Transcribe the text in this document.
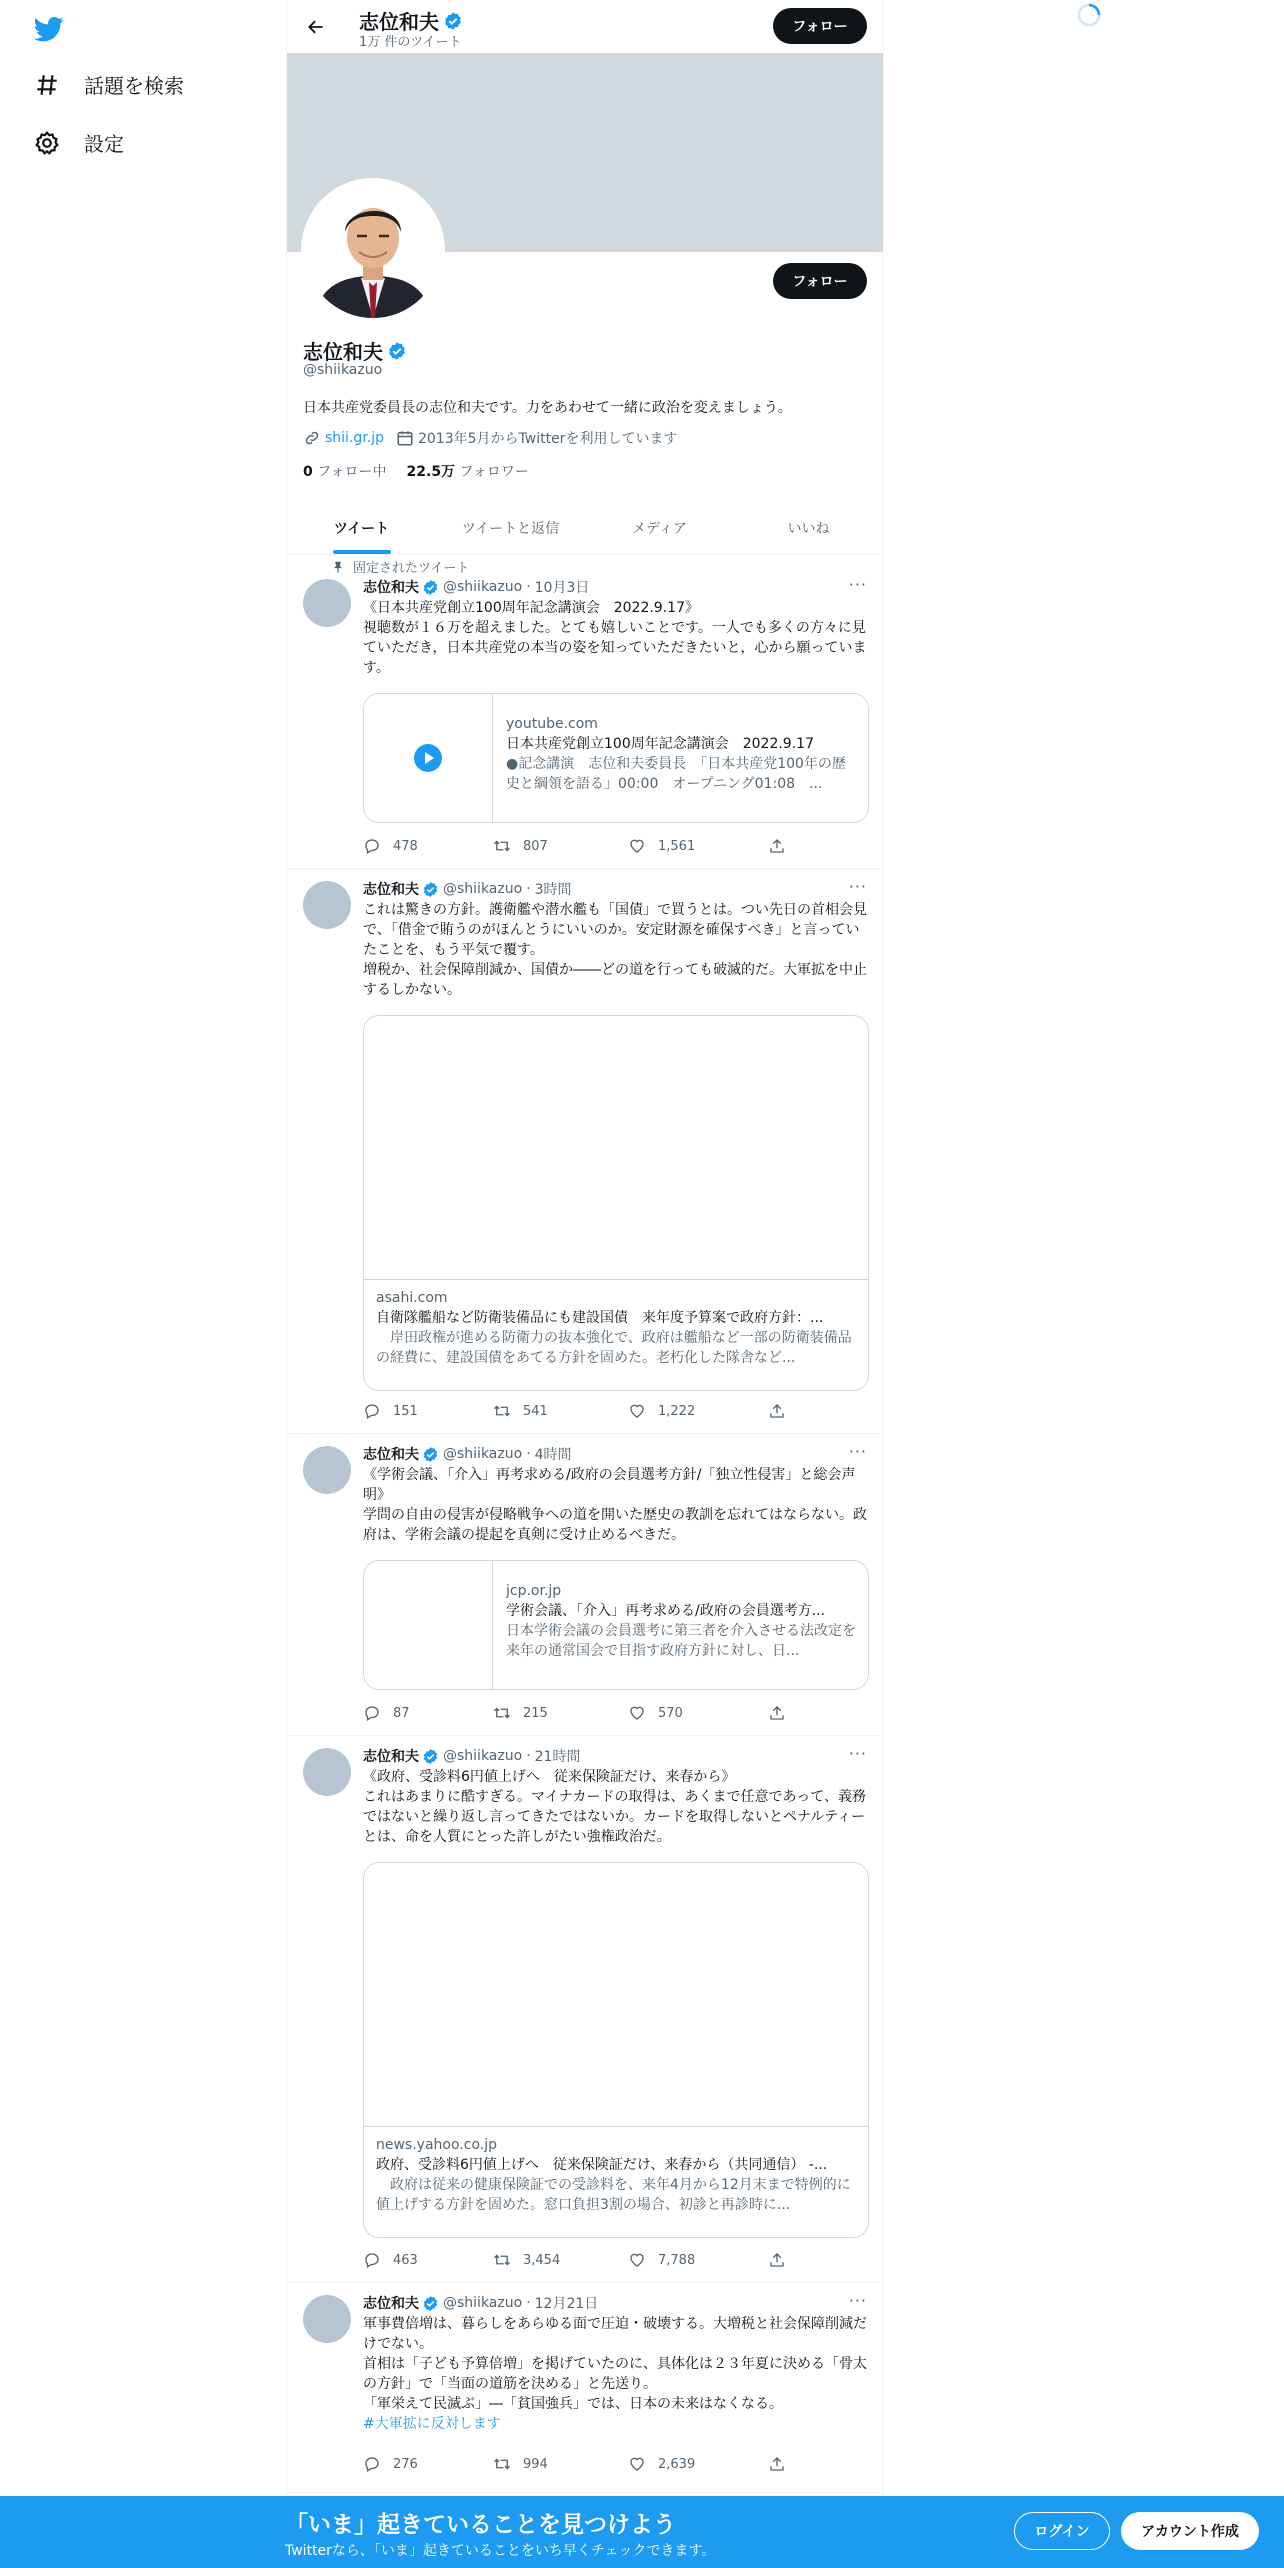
話題を検索
設定
志位和夫
1万 件のツイート
フォロー
フォロー
志位和夫
@shiikazuo
日本共産党委員長の志位和夫です。力をあわせて一緒に政治を変えましょう。
shii.gr.jp 2013年5月からTwitterを利用しています
0 フォロー中 22.5万 フォロワー
ツイート	ツイートと返信	メディア	いいね
固定されたツイート
志位和夫 @shiikazuo · 10月3日	···

《日本共産党創立100周年記念講演会　2022.9.17》

視聴数が１６万を超えました。とても嬉しいことです。一人でも多くの方々に見ていただき，日本共産党の本当の姿を知っていただきたいと，心から願っています。

youtube.com
日本共産党創立100周年記念講演会　2022.9.17
●記念講演　志位和夫委員長　「日本共産党100年の歴史と綱領を語る」00:00　オープニング01:08　...
478	807	1,561
志位和夫 @shiikazuo · 3時間	···

これは驚きの方針。護衛艦や潜水艦も「国債」で買うとは。つい先日の首相会見で、「借金で賄うのがほんとうにいいのか。安定財源を確保すべき」と言っていたことを、もう平気で覆す。

増税か、社会保障削減か、国債か――どの道を行っても破滅的だ。大軍拡を中止するしかない。

asahi.com
自衛隊艦船など防衛装備品にも建設国債　来年度予算案で政府方針：...
　岸田政権が進める防衛力の抜本強化で、政府は艦船など一部の防衛装備品の経費に、建設国債をあてる方針を固めた。老朽化した隊舎など...
151	541	1,222
志位和夫 @shiikazuo · 4時間	···

《学術会議、「介入」再考求める/政府の会員選考方針/「独立性侵害」と総会声明》

学問の自由の侵害が侵略戦争への道を開いた歴史の教訓を忘れてはならない。政府は、学術会議の提起を真剣に受け止めるべきだ。

jcp.or.jp
学術会議、「介入」再考求める/政府の会員選考方...
日本学術会議の会員選考に第三者を介入させる法改定を来年の通常国会で目指す政府方針に対し、日...
87	215	570
志位和夫 @shiikazuo · 21時間	···

《政府、受診料6円値上げへ　従来保険証だけ、来春から》

これはあまりに酷すぎる。マイナカードの取得は、あくまで任意であって、義務ではないと繰り返し言ってきたではないか。カードを取得しないとペナルティーとは、命を人質にとった許しがたい強権政治だ。

news.yahoo.co.jp
政府、受診料6円値上げへ　従来保険証だけ、来春から（共同通信） -...
　政府は従来の健康保険証での受診料を、来年4月から12月末まで特例的に値上げする方針を固めた。窓口負担3割の場合、初診と再診時に...
463	3,454	7,788
志位和夫 @shiikazuo · 12月21日	···

軍事費倍増は、暮らしをあらゆる面で圧迫・破壊する。大増税と社会保障削減だけでない。

首相は「子ども予算倍増」を掲げていたのに、具体化は２３年夏に決める「骨太の方針」で「当面の道筋を決める」と先送り。

「軍栄えて民滅ぶ」―「貧国強兵」では、日本の未来はなくなる。

#大軍拡に反対します

276	994	2,639
「いま」起きていることを見つけよう
Twitterなら、「いま」起きていることをいち早くチェックできます。
ログイン	アカウント作成
